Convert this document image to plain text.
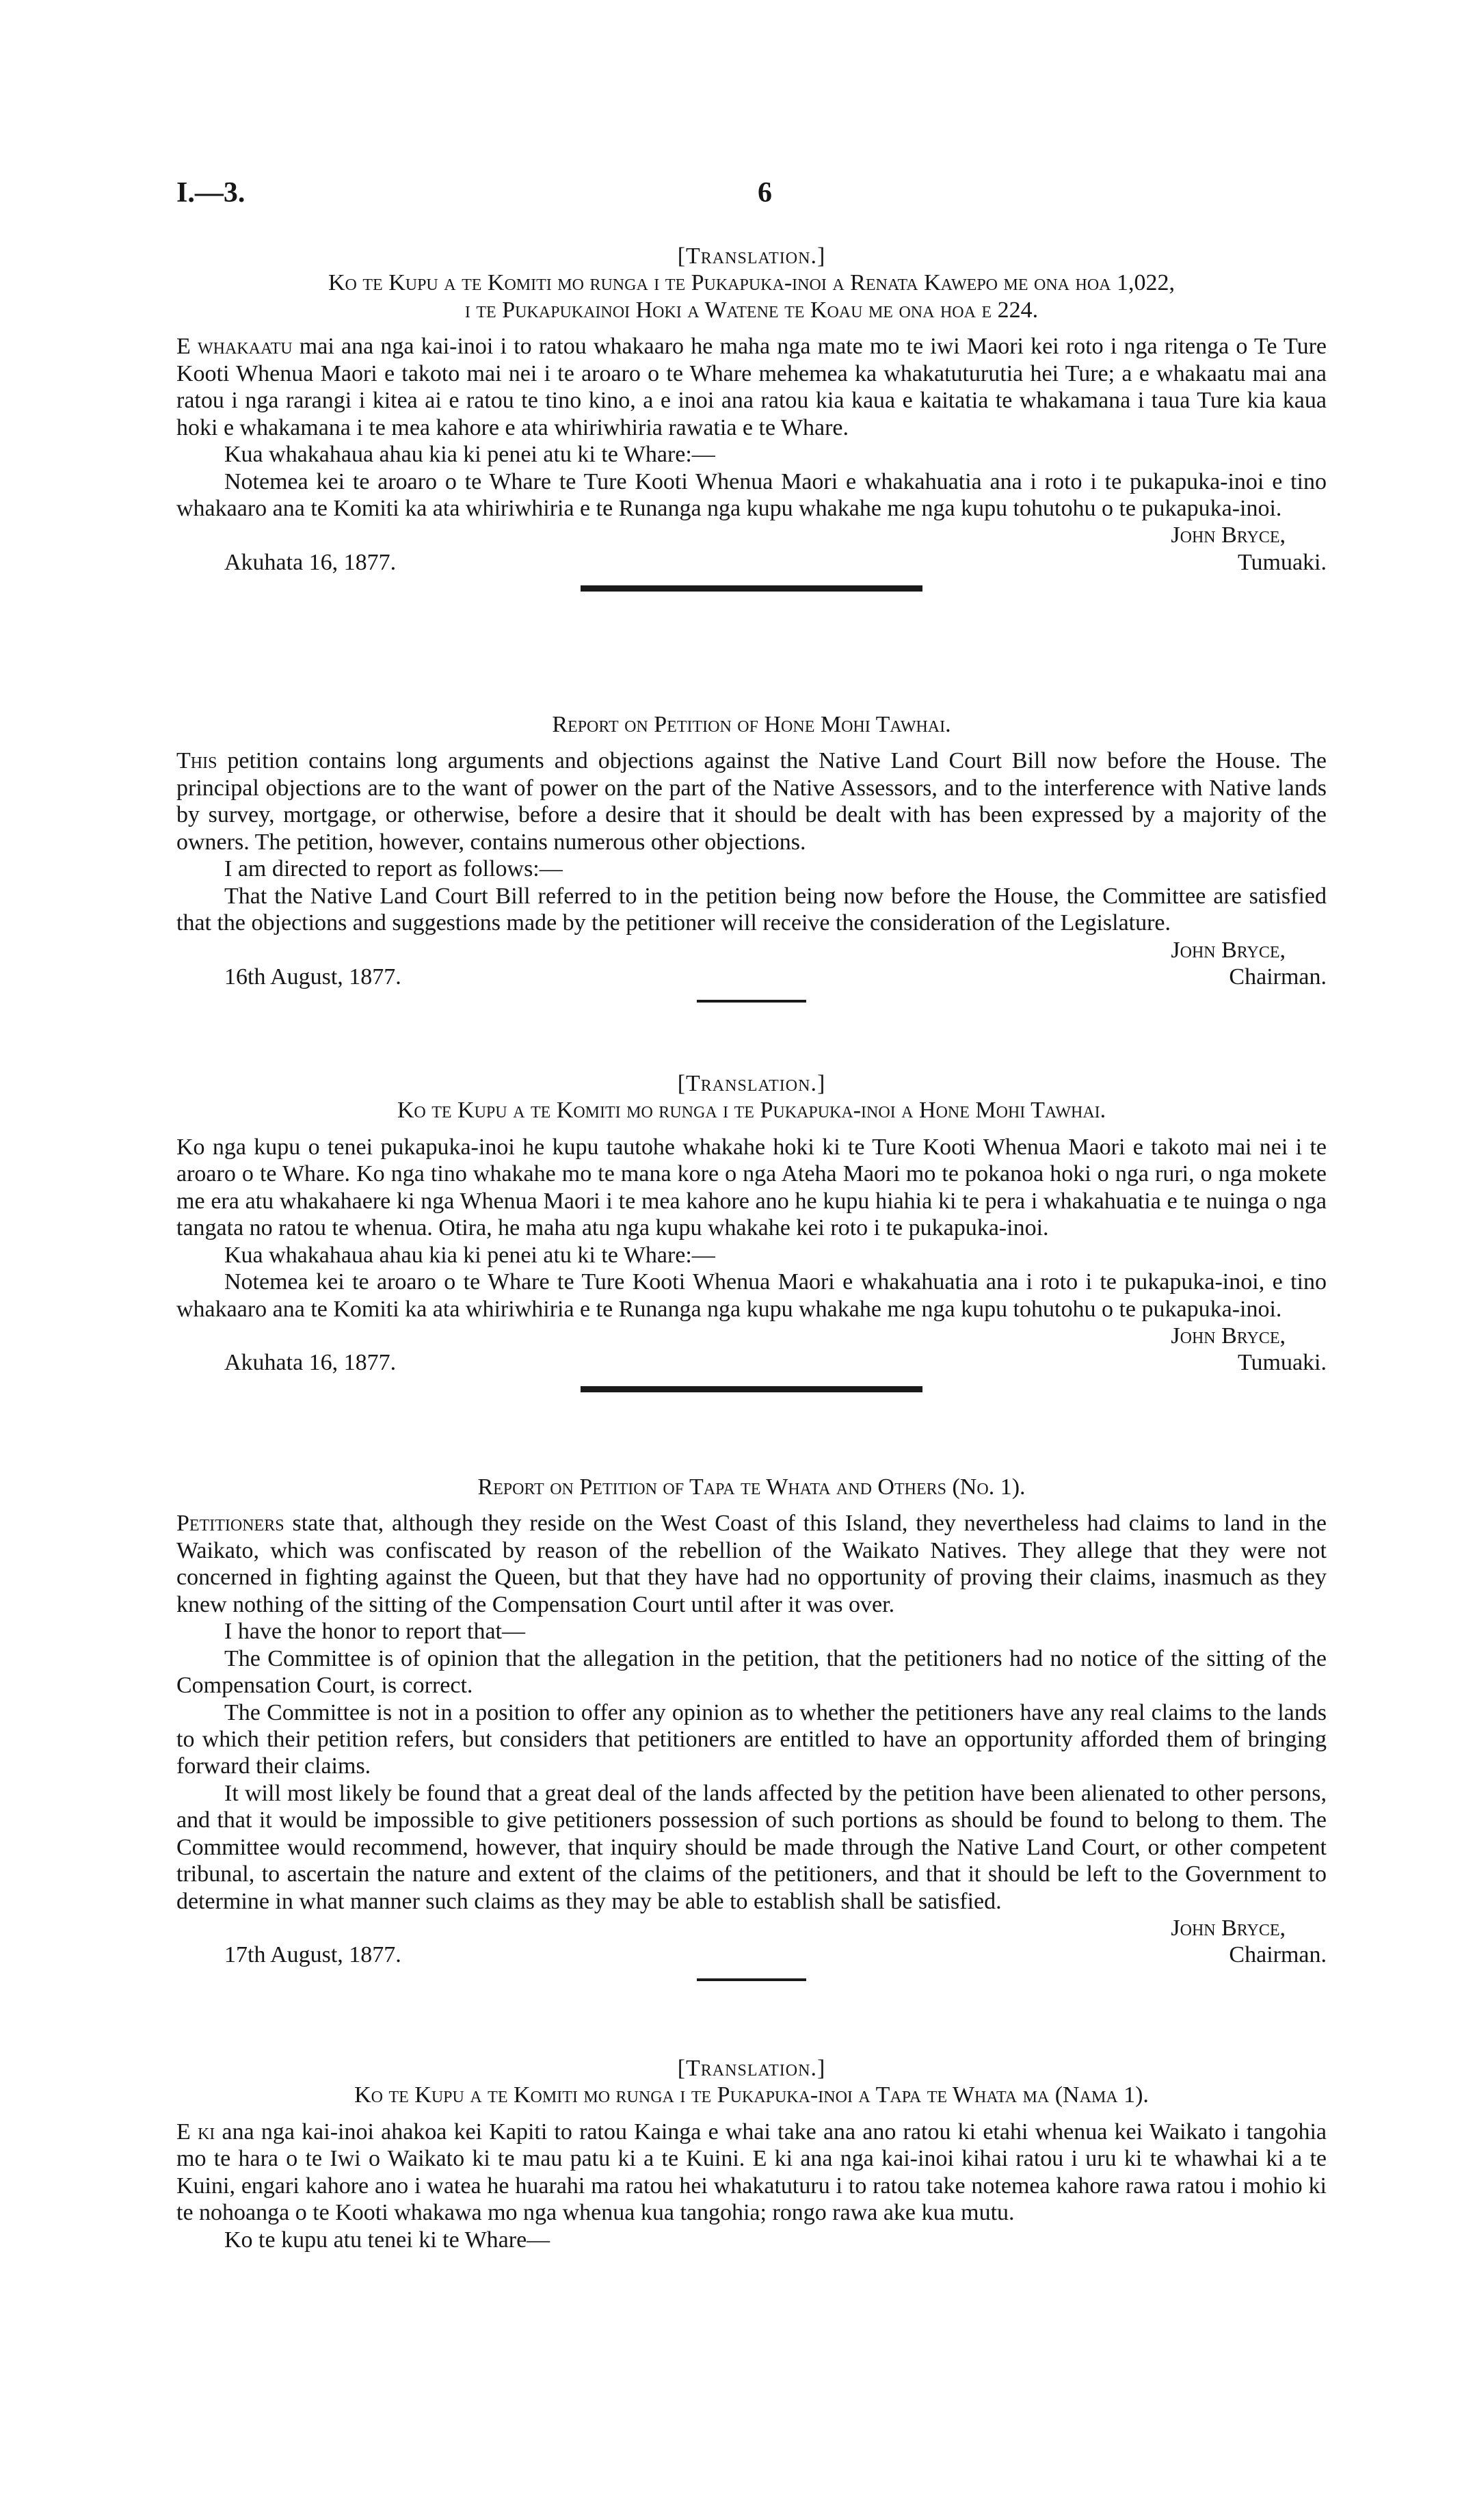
I.—3.	6

[Translation.]

Ko te Kupu a te Komiti mo runga i te Pukapuka-inoi a Renata Kawepo me ona hoa 1,022,

i te Pukapukainoi Hoki a Watene te Koau me ona hoa e 224.

E whakaatu mai ana nga kai-inoi i to ratou whakaaro he maha nga mate mo te iwi Maori kei roto i nga ritenga o Te Ture Kooti Whenua Maori e takoto mai nei i te aroaro o te Whare mehemea ka whakatuturutia hei Ture; a e whakaatu mai ana ratou i nga rarangi i kitea ai e ratou te tino kino, a e inoi ana ratou kia kaua e kaitatia te whakamana i taua Ture kia kaua hoki e whakamana i te mea kahore e ata whiriwhiria rawatia e te Whare.

Kua whakahaua ahau kia ki penei atu ki te Whare:—

Notemea kei te aroaro o te Whare te Ture Kooti Whenua Maori e whakahuatia ana i roto i te pukapuka-inoi e tino whakaaro ana te Komiti ka ata whiriwhiria e te Runanga nga kupu whakahe me nga kupu tohutohu o te pukapuka-inoi.

Akuhata 16, 1877.
John Bryce,
Tumuaki.

Report on Petition of Hone Mohi Tawhai.

This petition contains long arguments and objections against the Native Land Court Bill now before the House. The principal objections are to the want of power on the part of the Native Assessors, and to the interference with Native lands by survey, mortgage, or otherwise, before a desire that it should be dealt with has been expressed by a majority of the owners. The petition, however, contains numerous other objections.

I am directed to report as follows:—

That the Native Land Court Bill referred to in the petition being now before the House, the Committee are satisfied that the objections and suggestions made by the petitioner will receive the consideration of the Legislature.

16th August, 1877.
John Bryce,
Chairman.

[Translation.]

Ko te Kupu a te Komiti mo runga i te Pukapuka-inoi a Hone Mohi Tawhai.

Ko nga kupu o tenei pukapuka-inoi he kupu tautohe whakahe hoki ki te Ture Kooti Whenua Maori e takoto mai nei i te aroaro o te Whare. Ko nga tino whakahe mo te mana kore o nga Ateha Maori mo te pokanoa hoki o nga ruri, o nga mokete me era atu whakahaere ki nga Whenua Maori i te mea kahore ano he kupu hiahia ki te pera i whakahuatia e te nuinga o nga tangata no ratou te whenua. Otira, he maha atu nga kupu whakahe kei roto i te pukapuka-inoi.

Kua whakahaua ahau kia ki penei atu ki te Whare:—

Notemea kei te aroaro o te Whare te Ture Kooti Whenua Maori e whakahuatia ana i roto i te pukapuka-inoi, e tino whakaaro ana te Komiti ka ata whiriwhiria e te Runanga nga kupu whakahe me nga kupu tohutohu o te pukapuka-inoi.

Akuhata 16, 1877.
John Bryce,
Tumuaki.

Report on Petition of Tapa te Whata and Others (No. 1).

Petitioners state that, although they reside on the West Coast of this Island, they nevertheless had claims to land in the Waikato, which was confiscated by reason of the rebellion of the Waikato Natives. They allege that they were not concerned in fighting against the Queen, but that they have had no opportunity of proving their claims, inasmuch as they knew nothing of the sitting of the Compensation Court until after it was over.

I have the honor to report that—

The Committee is of opinion that the allegation in the petition, that the petitioners had no notice of the sitting of the Compensation Court, is correct.

The Committee is not in a position to offer any opinion as to whether the petitioners have any real claims to the lands to which their petition refers, but considers that petitioners are entitled to have an opportunity afforded them of bringing forward their claims.

It will most likely be found that a great deal of the lands affected by the petition have been alienated to other persons, and that it would be impossible to give petitioners possession of such portions as should be found to belong to them. The Committee would recommend, however, that inquiry should be made through the Native Land Court, or other competent tribunal, to ascertain the nature and extent of the claims of the petitioners, and that it should be left to the Government to determine in what manner such claims as they may be able to establish shall be satisfied.

17th August, 1877.
John Bryce,
Chairman.

[Translation.]

Ko te Kupu a te Komiti mo runga i te Pukapuka-inoi a Tapa te Whata ma (Nama 1).

E ki ana nga kai-inoi ahakoa kei Kapiti to ratou Kainga e whai take ana ano ratou ki etahi whenua kei Waikato i tangohia mo te hara o te Iwi o Waikato ki te mau patu ki a te Kuini. E ki ana nga kai-inoi kihai ratou i uru ki te whawhai ki a te Kuini, engari kahore ano i watea he huarahi ma ratou hei whakatuturu i to ratou take notemea kahore rawa ratou i mohio ki te nohoanga o te Kooti whakawa mo nga whenua kua tangohia; rongo rawa ake kua mutu.

Ko te kupu atu tenei ki te Whare—
